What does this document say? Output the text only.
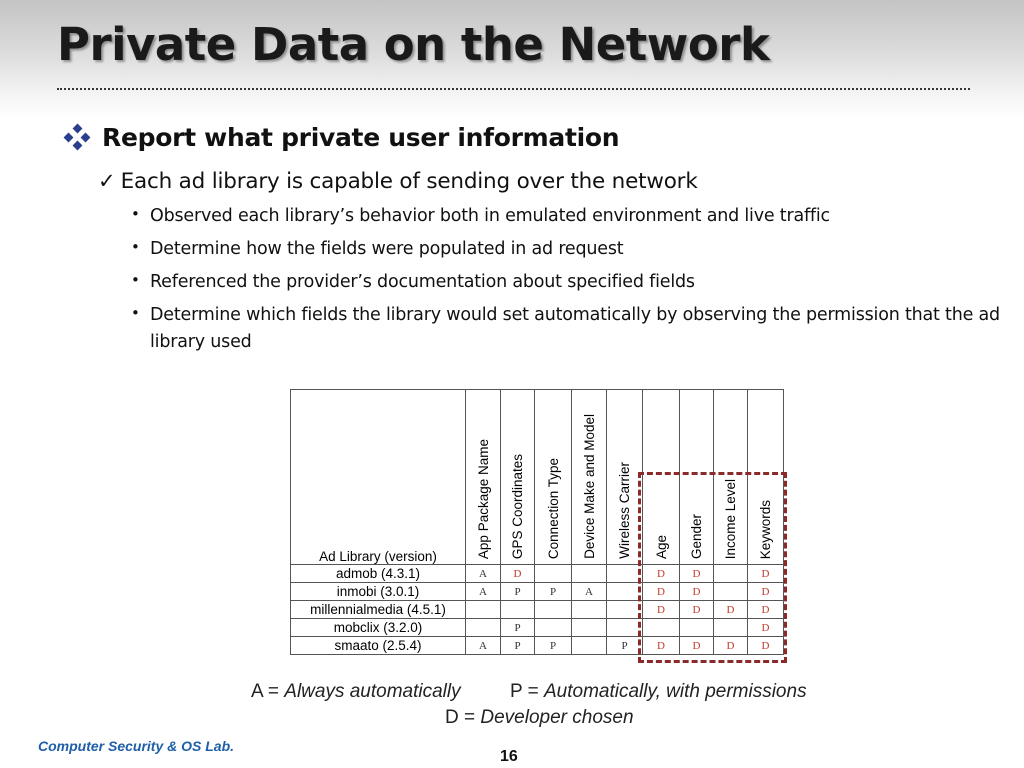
Private Data on the Network
Report what private user information
✓ Each ad library is capable of sending over the network
• Observed each library’s behavior both in emulated environment and live traffic
• Determine how the fields were populated in ad request
• Referenced the provider’s documentation about specified fields
• Determine which fields the library would set automatically by observing the permission that the ad library used
Ad Library (version)	App Package Name	GPS Coordinates	Connection Type	Device Make and Model	Wireless Carrier	Age	Gender	Income Level	Keywords
admob (4.3.1)	A	D				D	D		D
inmobi (3.0.1)	A	P	P	A		D	D		D
millennialmedia (4.5.1)						D	D	D	D
mobclix (3.2.0)		P							D
smaato (2.5.4)	A	P	P		P	D	D	D	D
A = Always automatically	P = Automatically, with permissions
D = Developer chosen
Computer Security & OS Lab.
16
